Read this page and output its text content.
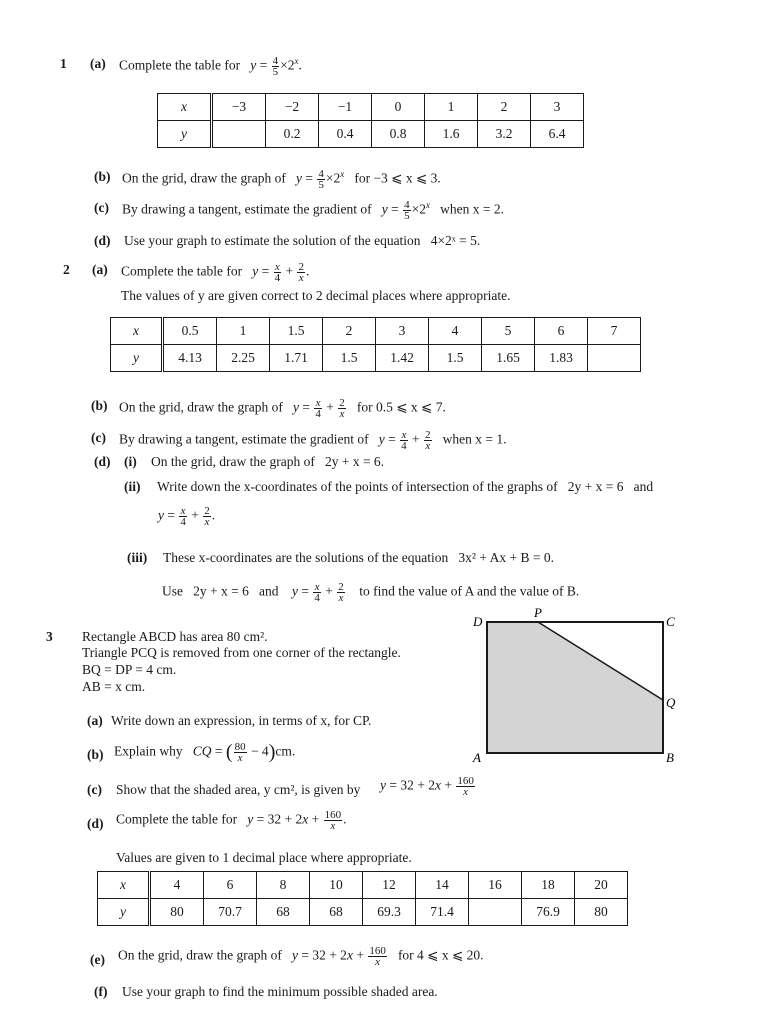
1 (a) Complete the table for $y = \frac{4}{5} \times 2^x$.
x	−3	−2	−1	0	1	2	3
y		0.2	0.4	0.8	1.6	3.2	6.4
(b) On the grid, draw the graph of $y = \frac{4}{5} \times 2^x$ for −3 ⩽ x ⩽ 3.
(c) By drawing a tangent, estimate the gradient of $y = \frac{4}{5} \times 2^x$ when x = 2.
(d) Use your graph to estimate the solution of the equation 4×2ˣ = 5.
2 (a) Complete the table for $y = \frac{x}{4} + \frac{2}{x}$ .
The values of y are given correct to 2 decimal places where appropriate.
x	0.5	1	1.5	2	3	4	5	6	7
y	4.13	2.25	1.71	1.5	1.42	1.5	1.65	1.83	
(b) On the grid, draw the graph of $y = \frac{x}{4} + \frac{2}{x}$ for 0.5 ⩽ x ⩽ 7.
(c) By drawing a tangent, estimate the gradient of $y = \frac{x}{4} + \frac{2}{x}$ when x = 1.
(d) (i) On the grid, draw the graph of 2y + x = 6.
(ii) Write down the x-coordinates of the points of intersection of the graphs of 2y + x = 6 and
$y = \frac{x}{4} + \frac{2}{x}$ .
(iii) These x-coordinates are the solutions of the equation 3x² + Ax + B = 0.
Use 2y + x = 6 and $y = \frac{x}{4} + \frac{2}{x}$ to find the value of A and the value of B.
3 Rectangle ABCD has area 80 cm².
Triangle PCQ is removed from one corner of the rectangle.
BQ = DP = 4 cm.
AB = x cm.
D
P
C
Q
A	B
(a) Write down an expression, in terms of x, for CP.
(b) Explain why CQ = ( $\frac{80}{x} - 4)cm$.
(c) Show that the shaded area, y cm², is given by $y = 32 + 2x + \frac{160}{x}$
(d) Complete the table for $y = 32 + 2x + \frac{160}{x}$ .
Values are given to 1 decimal place where appropriate.
x	4	6	8	10	12	14	16	18	20
y	80	70.7	68	68	69.3	71.4		76.9	80
(e) On the grid, draw the graph of $y = 32 + 2x + \frac{160}{x}$ for 4 ⩽ x ⩽ 20.
(f) Use your graph to find the minimum possible shaded area.
